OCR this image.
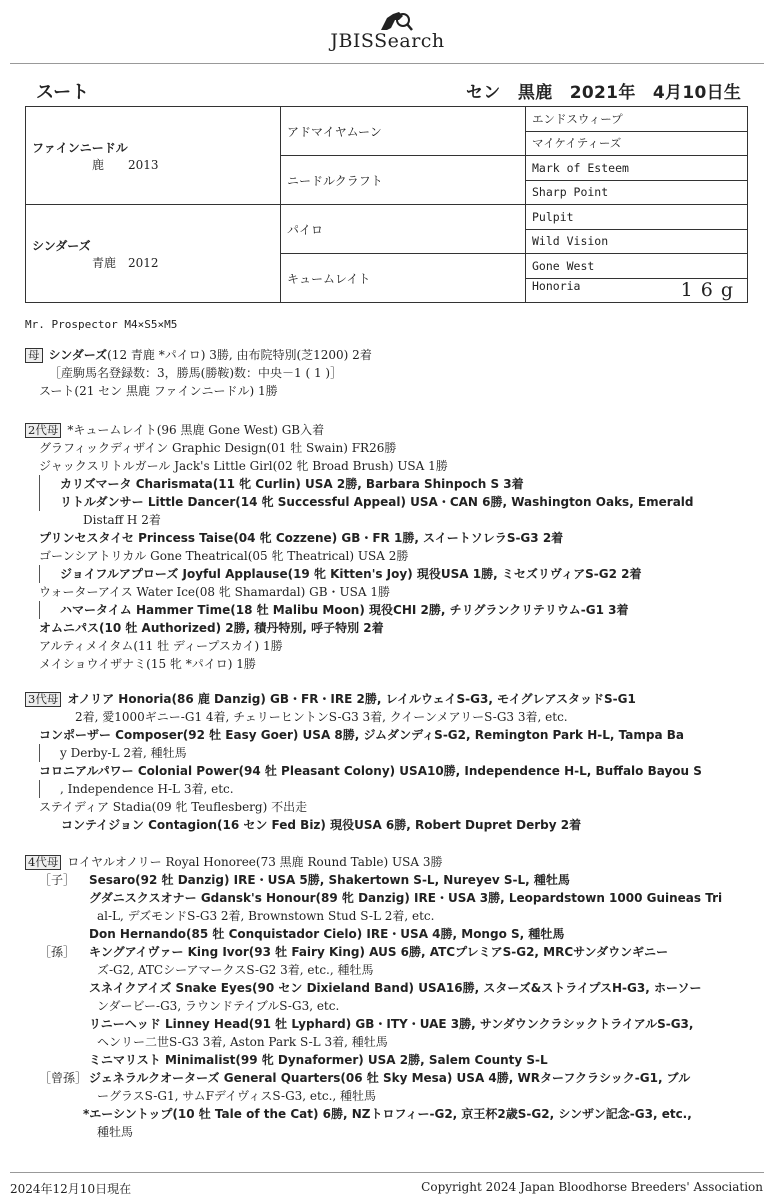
JBISSearch
スート	セン　黒鹿　2021年　4月10日生
ファインニードル
鹿　　2013	アドマイヤムーン	エンドスウィープ
		マイケイティーズ
	ニードルクラフト	Mark of Esteem
		Sharp Point

シンダーズ
青鹿　2012	パイロ	Pulpit
		Wild Vision
	キュームレイト	Gone West
		Honoria 16g
Mr. Prospector M4×S5×M5
母 シンダーズ(12 青鹿 *パイロ) 3勝, 由布院特別(芝1200) 2着
［産駒馬名登録数：3，勝馬(勝鞍)数：中央－1 ( 1 )］
スート(21 セン 黒鹿 ファインニードル) 1勝
2代母 *キュームレイト(96 黒鹿 Gone West) GB入着
グラフィックディザイン Graphic Design(01 牡 Swain) FR26勝
ジャックスリトルガール Jack's Little Girl(02 牝 Broad Brush) USA 1勝
カリズマータ Charismata(11 牝 Curlin) USA 2勝, Barbara Shinpoch S 3着
リトルダンサー Little Dancer(14 牝 Successful Appeal) USA・CAN 6勝, Washington Oaks, Emerald
Distaff H 2着
プリンセスタイセ Princess Taise(04 牝 Cozzene) GB・FR 1勝, スイートソレラS-G3 2着
ゴーンシアトリカル Gone Theatrical(05 牝 Theatrical) USA 2勝
ジョイフルアプローズ Joyful Applause(19 牝 Kitten's Joy) 現役USA 1勝, ミセズリヴィアS-G2 2着
ウォーターアイス Water Ice(08 牝 Shamardal) GB・USA 1勝
ハマータイム Hammer Time(18 牡 Malibu Moon) 現役CHI 2勝, チリグランクリテリウム-G1 3着
オムニパス(10 牡 Authorized) 2勝, 積丹特別, 呼子特別 2着
アルティメイタム(11 牡 ディープスカイ) 1勝
メイショウイザナミ(15 牝 *パイロ) 1勝
3代母 オノリア Honoria(86 鹿 Danzig) GB・FR・IRE 2勝, レイルウェイS-G3, モイグレアスタッドS-G1
2着, 愛1000ギニー-G1 4着, チェリーヒントンS-G3 3着, クイーンメアリーS-G3 3着, etc.
コンポーザー Composer(92 牡 Easy Goer) USA 8勝, ジムダンディS-G2, Remington Park H-L, Tampa Ba
y Derby-L 2着, 種牡馬
コロニアルパワー Colonial Power(94 牡 Pleasant Colony) USA10勝, Independence H-L, Buffalo Bayou S
, Independence H-L 3着, etc.
ステイディア Stadia(09 牝 Teuflesberg) 不出走
コンテイジョン Contagion(16 セン Fed Biz) 現役USA 6勝, Robert Dupret Derby 2着
4代母 ロイヤルオノリー Royal Honoree(73 黒鹿 Round Table) USA 3勝
［子］ Sesaro(92 牡 Danzig) IRE・USA 5勝, Shakertown S-L, Nureyev S-L, 種牡馬
グダニスクスオナー Gdansk's Honour(89 牝 Danzig) IRE・USA 3勝, Leopardstown 1000 Guineas Tri
al-L, デズモンドS-G3 2着, Brownstown Stud S-L 2着, etc.
Don Hernando(85 牡 Conquistador Cielo) IRE・USA 4勝, Mongo S, 種牡馬
［孫］ キングアイヴァー King Ivor(93 牡 Fairy King) AUS 6勝, ATCプレミアS-G2, MRCサンダウンギニー
ズ-G2, ATCシーアマークスS-G2 3着, etc., 種牡馬
スネイクアイズ Snake Eyes(90 セン Dixieland Band) USA16勝, スターズ&ストライプスH-G3, ホーソー
ンダービー-G3, ラウンドテイブルS-G3, etc.
リニーヘッド Linney Head(91 牡 Lyphard) GB・ITY・UAE 3勝, サンダウンクラシックトライアルS-G3,
ヘンリー二世S-G3 3着, Aston Park S-L 3着, 種牡馬
ミニマリスト Minimalist(99 牝 Dynaformer) USA 2勝, Salem County S-L
［曾孫］ ジェネラルクオーターズ General Quarters(06 牡 Sky Mesa) USA 4勝, WRターフクラシック-G1, ブル
ーグラスS-G1, サムFデイヴィスS-G3, etc., 種牡馬
*エーシントップ(10 牡 Tale of the Cat) 6勝, NZトロフィー-G2, 京王杯2歳S-G2, シンザン記念-G3, etc.,
種牡馬
2024年12月10日現在	Copyright 2024 Japan Bloodhorse Breeders' Association
